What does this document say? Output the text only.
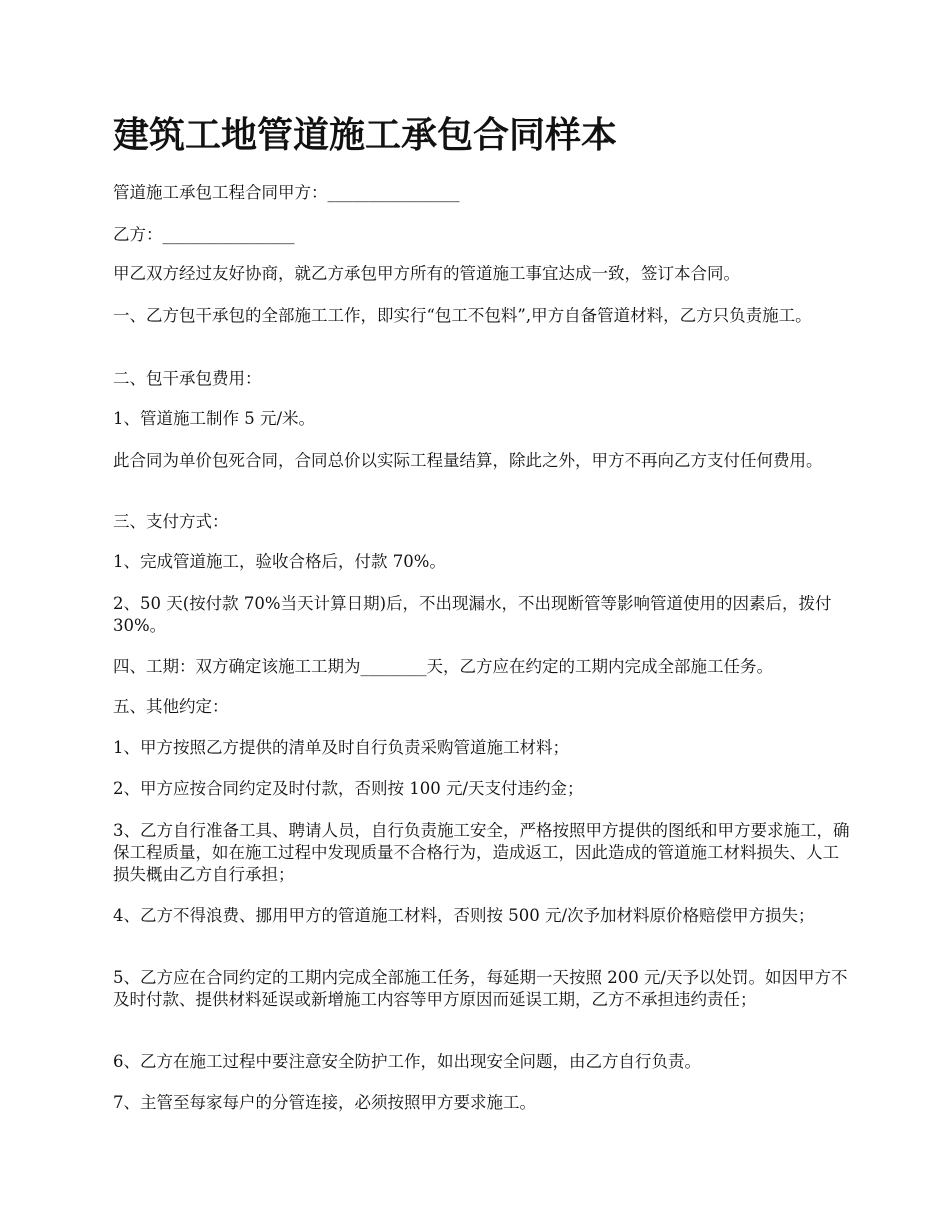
建筑工地管道施工承包合同样本

管道施工承包工程合同甲方：________________

乙方：________________

甲乙双方经过友好协商，就乙方承包甲方所有的管道施工事宜达成一致，签订本合同。

一、乙方包干承包的全部施工工作，即实行“包工不包料”,甲方自备管道材料，乙方只负责施工。

二、包干承包费用：

1、管道施工制作 5 元/米。

此合同为单价包死合同，合同总价以实际工程量结算，除此之外，甲方不再向乙方支付任何费用。

三、支付方式：

1、完成管道施工，验收合格后，付款 70%。

2、50 天(按付款 70%当天计算日期)后，不出现漏水，不出现断管等影响管道使用的因素后，拨付 30%。

四、工期：双方确定该施工工期为________天，乙方应在约定的工期内完成全部施工任务。

五、其他约定：

1、甲方按照乙方提供的清单及时自行负责采购管道施工材料；

2、甲方应按合同约定及时付款，否则按 100 元/天支付违约金；

3、乙方自行准备工具、聘请人员，自行负责施工安全，严格按照甲方提供的图纸和甲方要求施工，确保工程质量，如在施工过程中发现质量不合格行为，造成返工，因此造成的管道施工材料损失、人工损失概由乙方自行承担；

4、乙方不得浪费、挪用甲方的管道施工材料，否则按 500 元/次予加材料原价格赔偿甲方损失；

5、乙方应在合同约定的工期内完成全部施工任务，每延期一天按照 200 元/天予以处罚。如因甲方不及时付款、提供材料延误或新增施工内容等甲方原因而延误工期，乙方不承担违约责任；

6、乙方在施工过程中要注意安全防护工作，如出现安全问题，由乙方自行负责。

7、主管至每家每户的分管连接，必须按照甲方要求施工。
